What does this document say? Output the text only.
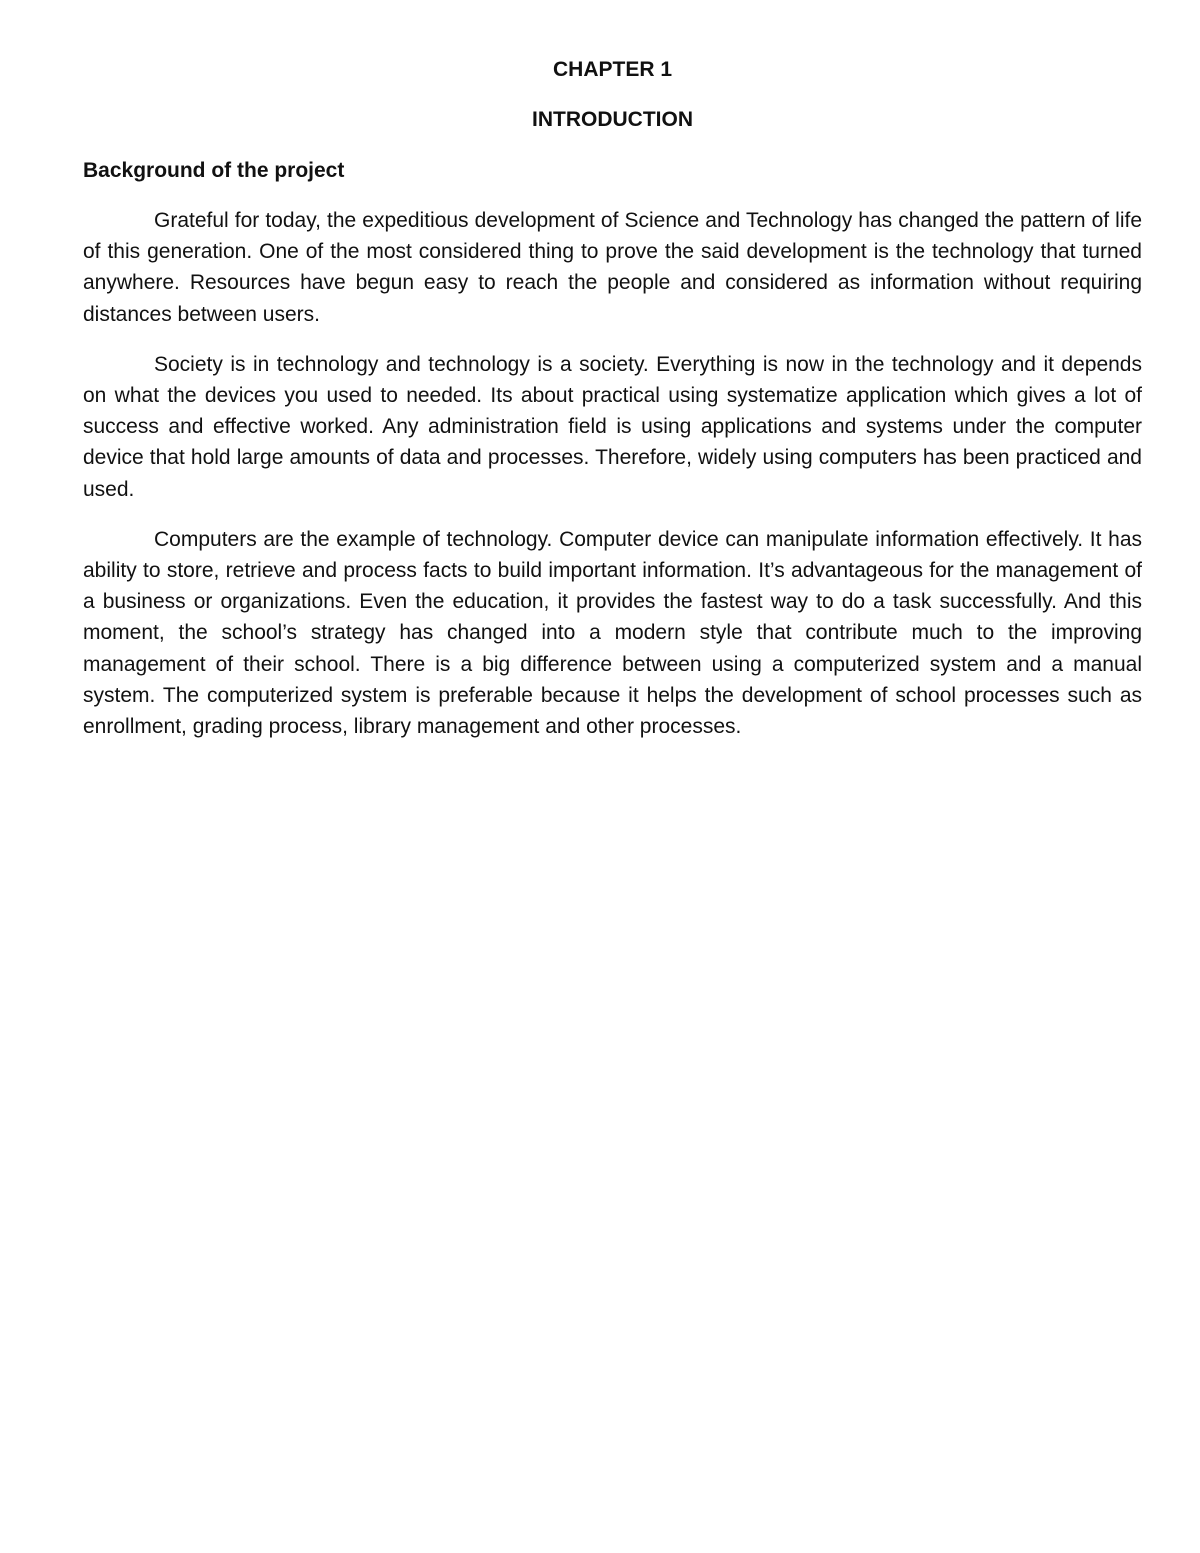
CHAPTER 1
INTRODUCTION
Background of the project

Grateful for today, the expeditious development of Science and Technology has changed the pattern of life of this generation. One of the most considered thing to prove the said development is the technology that turned anywhere. Resources have begun easy to reach the people and considered as information without requiring distances between users.

Society is in technology and technology is a society. Everything is now in the technology and it depends on what the devices you used to needed. Its about practical using systematize application which gives a lot of success and effective worked. Any administration field is using applications and systems under the computer device that hold large amounts of data and processes. Therefore, widely using computers has been practiced and used.

Computers are the example of technology. Computer device can manipulate information effectively. It has ability to store, retrieve and process facts to build important information. It’s advantageous for the management of a business or organizations. Even the education, it provides the fastest way to do a task successfully. And this moment, the school’s strategy has changed into a modern style that contribute much to the improving management of their school. There is a big difference between using a computerized system and a manual system. The computerized system is preferable because it helps the development of school processes such as enrollment, grading process, library management and other processes.
